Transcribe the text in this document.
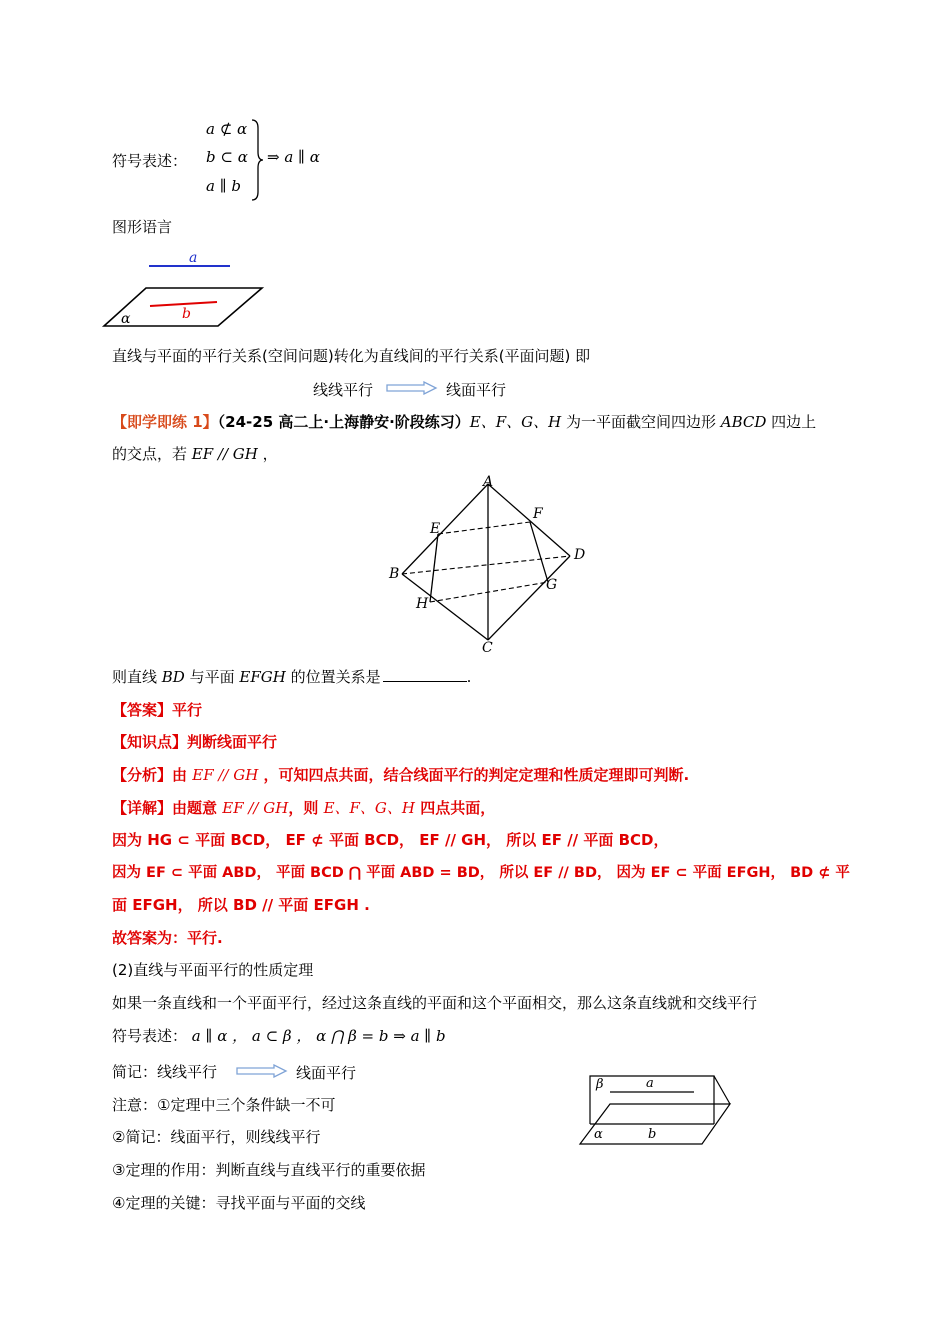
符号表述：
a ⊄ α
b ⊂ α
a ∥ b
⇒ a ∥ α
图形语言
a
b
α
直线与平面的平行关系(空间问题)转化为直线间的平行关系(平面问题) 即
线线平行	线面平行
【即学即练 1】（24-25 高二上·上海静安·阶段练习）E、F、G、H 为一平面截空间四边形 ABCD 四边上
的交点，若 EF // GH ，
A
B
C
D
E
F
G
H
则直线 BD 与平面 EFGH 的位置关系是	.
【答案】平行
【知识点】判断线面平行
【分析】由 EF // GH ，可知四点共面，结合线面平行的判定定理和性质定理即可判断.
【详解】由题意 EF // GH，则 E、F、G、H 四点共面，
因为 HG ⊂ 平面 BCD， EF ⊄ 平面 BCD， EF // GH， 所以 EF // 平面 BCD，
因为 EF ⊂ 平面 ABD， 平面 BCD ⋂ 平面 ABD = BD， 所以 EF // BD， 因为 EF ⊂ 平面 EFGH， BD ⊄ 平
面 EFGH， 所以 BD // 平面 EFGH .
故答案为：平行.
(2)直线与平面平行的性质定理
如果一条直线和一个平面平行，经过这条直线的平面和这个平面相交，那么这条直线就和交线平行
符号表述： a ∥ α ， a ⊂ β ， α ⋂ β = b ⇒ a ∥ b
简记：线线平行	线面平行
注意：①定理中三个条件缺一不可
②简记：线面平行，则线线平行
③定理的作用：判断直线与直线平行的重要依据
④定理的关键：寻找平面与平面的交线
β	a
α	b
